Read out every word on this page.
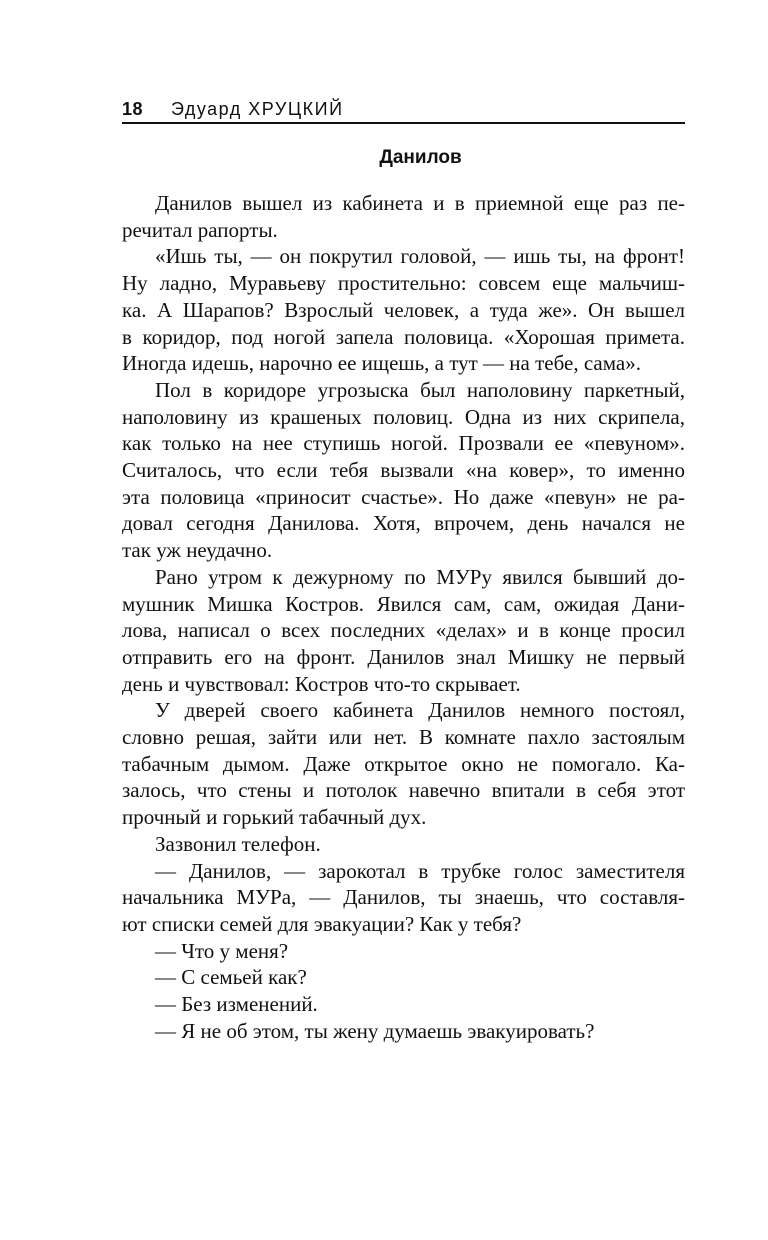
18 Эдуард ХРУЦКИЙ
Данилов

Данилов вышел из кабинета и в приемной еще раз пе-
речитал рапорты.

«Ишь ты, — он покрутил головой, — ишь ты, на фронт!
Ну ладно, Муравьеву простительно: совсем еще мальчиш-
ка. А Шарапов? Взрослый человек, а туда же». Он вышел
в коридор, под ногой запела половица. «Хорошая примета.
Иногда идешь, нарочно ее ищешь, а тут — на тебе, сама».

Пол в коридоре угрозыска был наполовину паркетный,
наполовину из крашеных половиц. Одна из них скрипела,
как только на нее ступишь ногой. Прозвали ее «певуном».
Считалось, что если тебя вызвали «на ковер», то именно
эта половица «приносит счастье». Но даже «певун» не ра-
довал сегодня Данилова. Хотя, впрочем, день начался не
так уж неудачно.

Рано утром к дежурному по МУРу явился бывший до-
мушник Мишка Костров. Явился сам, сам, ожидая Дани-
лова, написал о всех последних «делах» и в конце просил
отправить его на фронт. Данилов знал Мишку не первый
день и чувствовал: Костров что-то скрывает.

У дверей своего кабинета Данилов немного постоял,
словно решая, зайти или нет. В комнате пахло застоялым
табачным дымом. Даже открытое окно не помогало. Ка-
залось, что стены и потолок навечно впитали в себя этот
прочный и горький табачный дух.

Зазвонил телефон.

— Данилов, — зарокотал в трубке голос заместителя
начальника МУРа, — Данилов, ты знаешь, что составля-
ют списки семей для эвакуации? Как у тебя?

— Что у меня?

— С семьей как?

— Без изменений.

— Я не об этом, ты жену думаешь эвакуировать?
